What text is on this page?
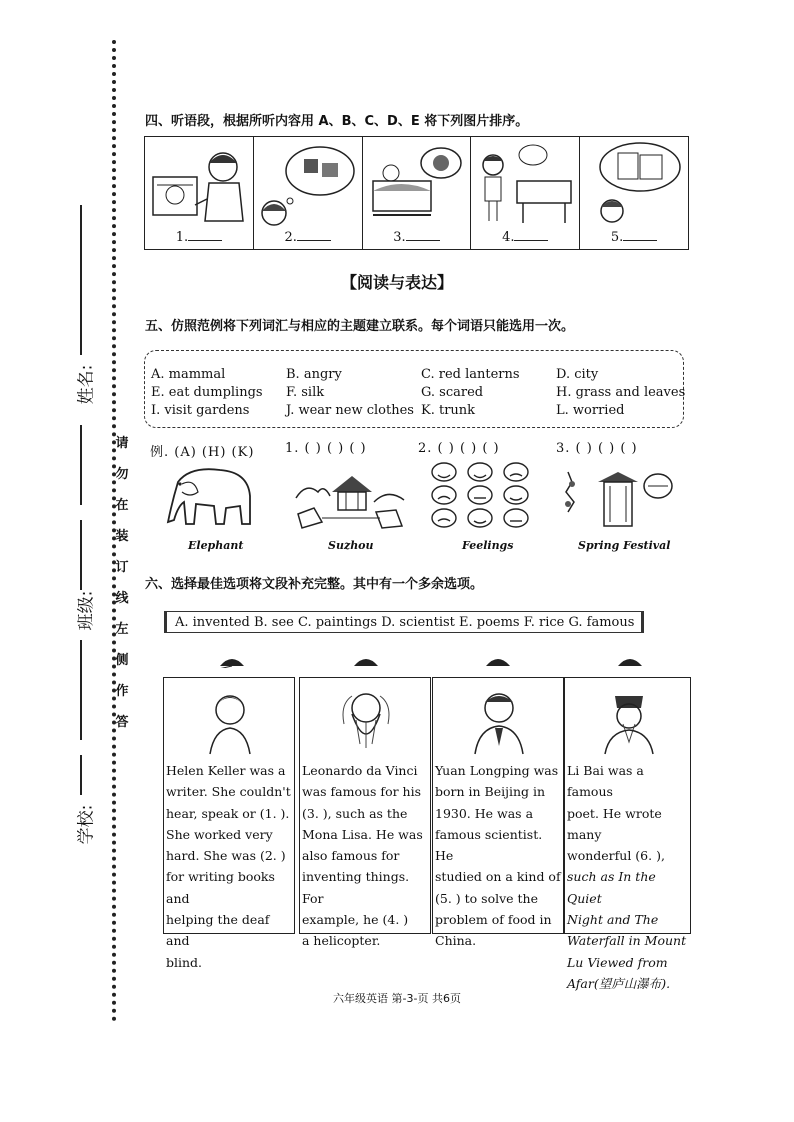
姓名:
班级:
学校:
请
勿
在
装
订
线
左
侧
作
答
四、听语段，根据所听内容用 A、B、C、D、E 将下列图片排序。
1.	2.	3.	4.	5.
【阅读与表达】
五、仿照范例将下列词汇与相应的主题建立联系。每个词语只能选用一次。
A. mammal	B. angry	C. red lanterns	D. city
E. eat dumplings F. silk	G. scared	H. grass and leaves
I. visit gardens	J. wear new clothes K. trunk	L. worried
例. (A) (H) (K) 1. ( ) ( ) ( )	2. ( ) ( ) ( )	3. ( ) ( ) ( )
Elephant	Suzhou	Feelings	Spring Festival
六、选择最佳选项将文段补充完整。其中有一个多余选项。
A. invented B. see C. paintings D. scientist E. poems F. rice G. famous
Helen Keller was a
writer. She couldn't
hear, speak or (1. ).
She worked very
hard. She was (2. )
for writing books and
helping the deaf and
blind.
Leonardo da Vinci
was famous for his
(3. ), such as the
Mona Lisa. He was
also famous for
inventing things. For
example, he (4. )
a helicopter.
Yuan Longping was
born in Beijing in
1930. He was a
famous scientist. He
studied on a kind of
(5. ) to solve the
problem of food in
China.
Li Bai was a famous
poet. He wrote many
wonderful (6. ),
such as In the Quiet
Night and The
Waterfall in Mount
Lu Viewed from
Afar(望庐山瀑布).
六年级英语 第-3-页 共6页
